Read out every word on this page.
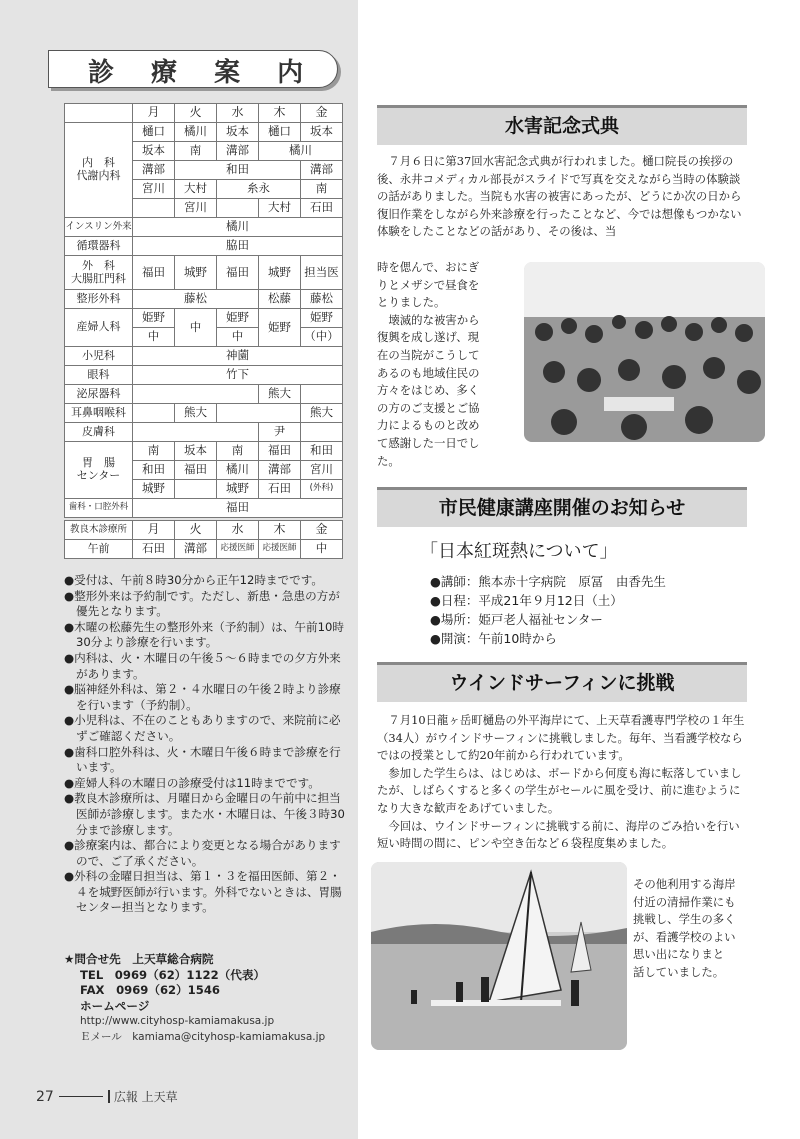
診 療 案 内
	月	火	水	木	金
内　科
代謝内科	樋口	橘川	坂本	樋口	坂本
	坂本	南	溝部	橘川	
	溝部	和田			溝部
	宮川	大村	糸永		南
		宮川		大村	石田
インスリン外来	橘川				
循環器科	脇田				
外　科
大腸肛門科	福田	城野	福田	城野	担当医
整形外科	藤松			松藤	藤松
産婦人科	姫野	中	姫野	姫野	姫野
	中		中		（中）
小児科	神薗				
眼科	竹下				
泌尿器科				熊大	
耳鼻咽喉科		熊大			熊大
皮膚科				尹	
胃　腸
センター	南	坂本	南	福田	和田
	和田	福田	橘川	溝部	宮川
	城野		城野	石田	(外科)
歯科・口腔外科	福田				
教良木診療所	月	火	水	木	金
午前	石田	溝部	応援医師	応援医師	中

●受付は、午前８時30分から正午12時までです。

●整形外来は予約制です。ただし、新患・急患の方が優先となります。

●木曜の松藤先生の整形外来（予約制）は、午前10時30分より診療を行います。

●内科は、火・木曜日の午後５～６時までの夕方外来があります。

●脳神経外科は、第２・４水曜日の午後２時より診療を行います（予約制）。

●小児科は、不在のこともありますので、来院前に必ずご確認ください。

●歯科口腔外科は、火・木曜日午後６時まで診療を行います。

●産婦人科の木曜日の診療受付は11時までです。

●教良木診療所は、月曜日から金曜日の午前中に担当医師が診療します。また水・木曜日は、午後３時30分まで診療します。

●診療案内は、都合により変更となる場合がありますので、ご了承ください。

●外科の金曜日担当は、第１・３を福田医師、第２・４を城野医師が行います。外科でないときは、胃腸センター担当となります。

★問合せ先　上天草総合病院
TEL　0969（62）1122（代表）
FAX　0969（62）1546
ホームページ
http://www.cityhosp-kamiamakusa.jp
Ｅメール　kamiama@cityhosp-kamiamakusa.jp
27	広報 上天草
水害記念式典
　７月６日に第37回水害記念式典が行われました。樋口院長の挨拶の後、永井コメディカル部長がスライドで写真を交えながら当時の体験談の話がありました。当院も水害の被害にあったが、どうにか次の日から復旧作業をしながら外来診療を行ったことなど、今では想像もつかない体験をしたことなどの話があり、その後は、当
時を偲んで、おにぎ
りとメザシで昼食を
とりました。
　壊滅的な被害から
復興を成し遂げ、現
在の当院がこうして
あるのも地域住民の
方々をはじめ、多く
の方のご支援とご協
力によるものと改め
て感謝した一日でし
た。
市民健康講座開催のお知らせ
「日本紅斑熱について」
●講師：熊本赤十字病院　原冨　由香先生
●日程：平成21年９月12日（土）
●場所：姫戸老人福祉センター
●開演：午前10時から
ウインドサーフィンに挑戦
　７月10日龍ヶ岳町樋島の外平海岸にて、上天草看護専門学校の１年生（34人）がウインドサーフィンに挑戦しました。毎年、当看護学校ならではの授業として約20年前から行われています。
　参加した学生らは、はじめは、ボードから何度も海に転落していましたが、しばらくすると多くの学生がセールに風を受け、前に進むようになり大きな歓声をあげていました。
　今回は、ウインドサーフィンに挑戦する前に、海岸のごみ拾いを行い短い時間の間に、ピンや空き缶など６袋程度集めました。
その他利用する海岸
付近の清掃作業にも
挑戦し、学生の多く
が、看護学校のよい
思い出になりまと
話していました。
